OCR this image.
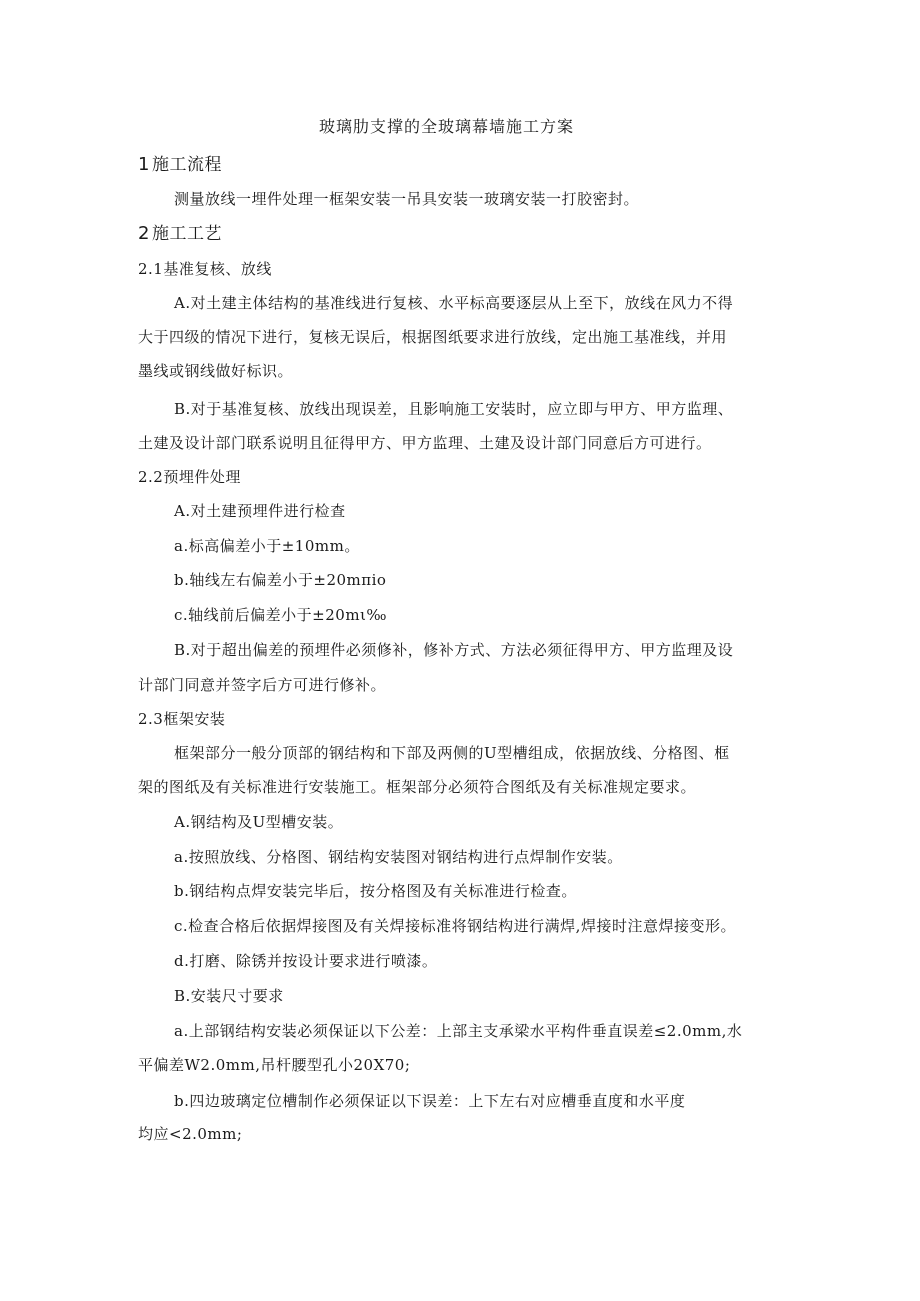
玻璃肋支撑的全玻璃幕墙施工方案
1 施工流程
测量放线一埋件处理一框架安装一吊具安装一玻璃安装一打胶密封。
2 施工工艺
2.1基准复核、放线
A.对土建主体结构的基准线进行复核、水平标高要逐层从上至下，放线在风力不得
大于四级的情况下进行，复核无误后，根据图纸要求进行放线，定出施工基准线，并用
墨线或钢线做好标识。
B.对于基准复核、放线出现误差，且影响施工安装时，应立即与甲方、甲方监理、
土建及设计部门联系说明且征得甲方、甲方监理、土建及设计部门同意后方可进行。
2.2预埋件处理
A.对土建预埋件进行检查
a.标高偏差小于±10mm。
b.轴线左右偏差小于±20mπio
c.轴线前后偏差小于±20mι‰
B.对于超出偏差的预埋件必须修补，修补方式、方法必须征得甲方、甲方监理及设
计部门同意并签字后方可进行修补。
2.3框架安装
框架部分一般分顶部的钢结构和下部及两侧的U型槽组成，依据放线、分格图、框
架的图纸及有关标准进行安装施工。框架部分必须符合图纸及有关标准规定要求。
A.钢结构及U型槽安装。
a.按照放线、分格图、钢结构安装图对钢结构进行点焊制作安装。
b.钢结构点焊安装完毕后，按分格图及有关标准进行检查。
c.检查合格后依据焊接图及有关焊接标准将钢结构进行满焊,焊接时注意焊接变形。
d.打磨、除锈并按设计要求进行喷漆。
B.安装尺寸要求
a.上部钢结构安装必须保证以下公差：上部主支承梁水平构件垂直误差≤2.0mm,水
平偏差W2.0mm,吊杆腰型孔小20X70;
b.四边玻璃定位槽制作必须保证以下误差：上下左右对应槽垂直度和水平度
均应<2.0mm;
